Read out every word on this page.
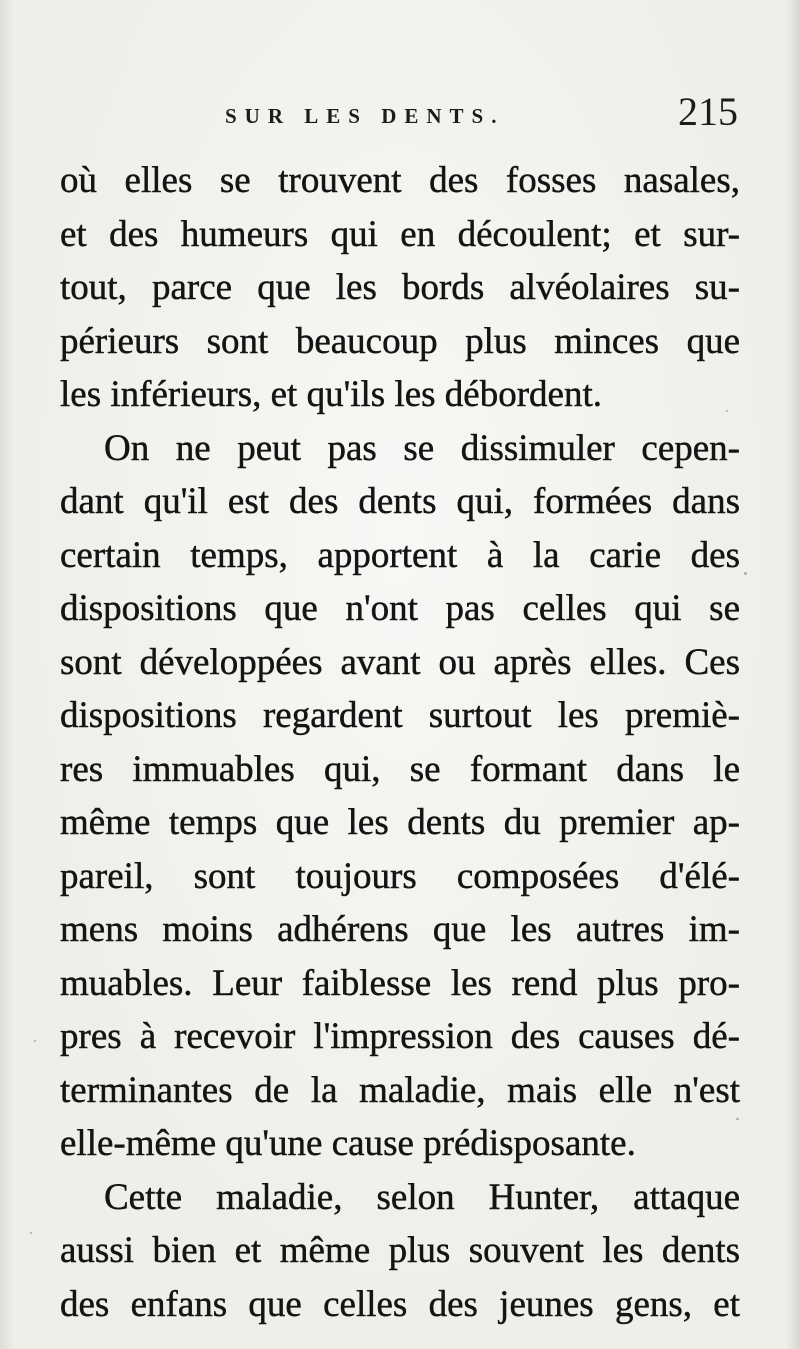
SUR LES DENTS.	215
où elles se trouvent des fosses nasales,
et des humeurs qui en découlent; et sur-
tout, parce que les bords alvéolaires su-
périeurs sont beaucoup plus minces que
les inférieurs, et qu'ils les débordent.
On ne peut pas se dissimuler cepen-
dant qu'il est des dents qui, formées dans
certain temps, apportent à la carie des
dispositions que n'ont pas celles qui se
sont développées avant ou après elles. Ces
dispositions regardent surtout les premiè-
res immuables qui, se formant dans le
même temps que les dents du premier ap-
pareil, sont toujours composées d'élé-
mens moins adhérens que les autres im-
muables. Leur faiblesse les rend plus pro-
pres à recevoir l'impression des causes dé-
terminantes de la maladie, mais elle n'est
elle-même qu'une cause prédisposante.
Cette maladie, selon Hunter, attaque
aussi bien et même plus souvent les dents
des enfans que celles des jeunes gens, et
